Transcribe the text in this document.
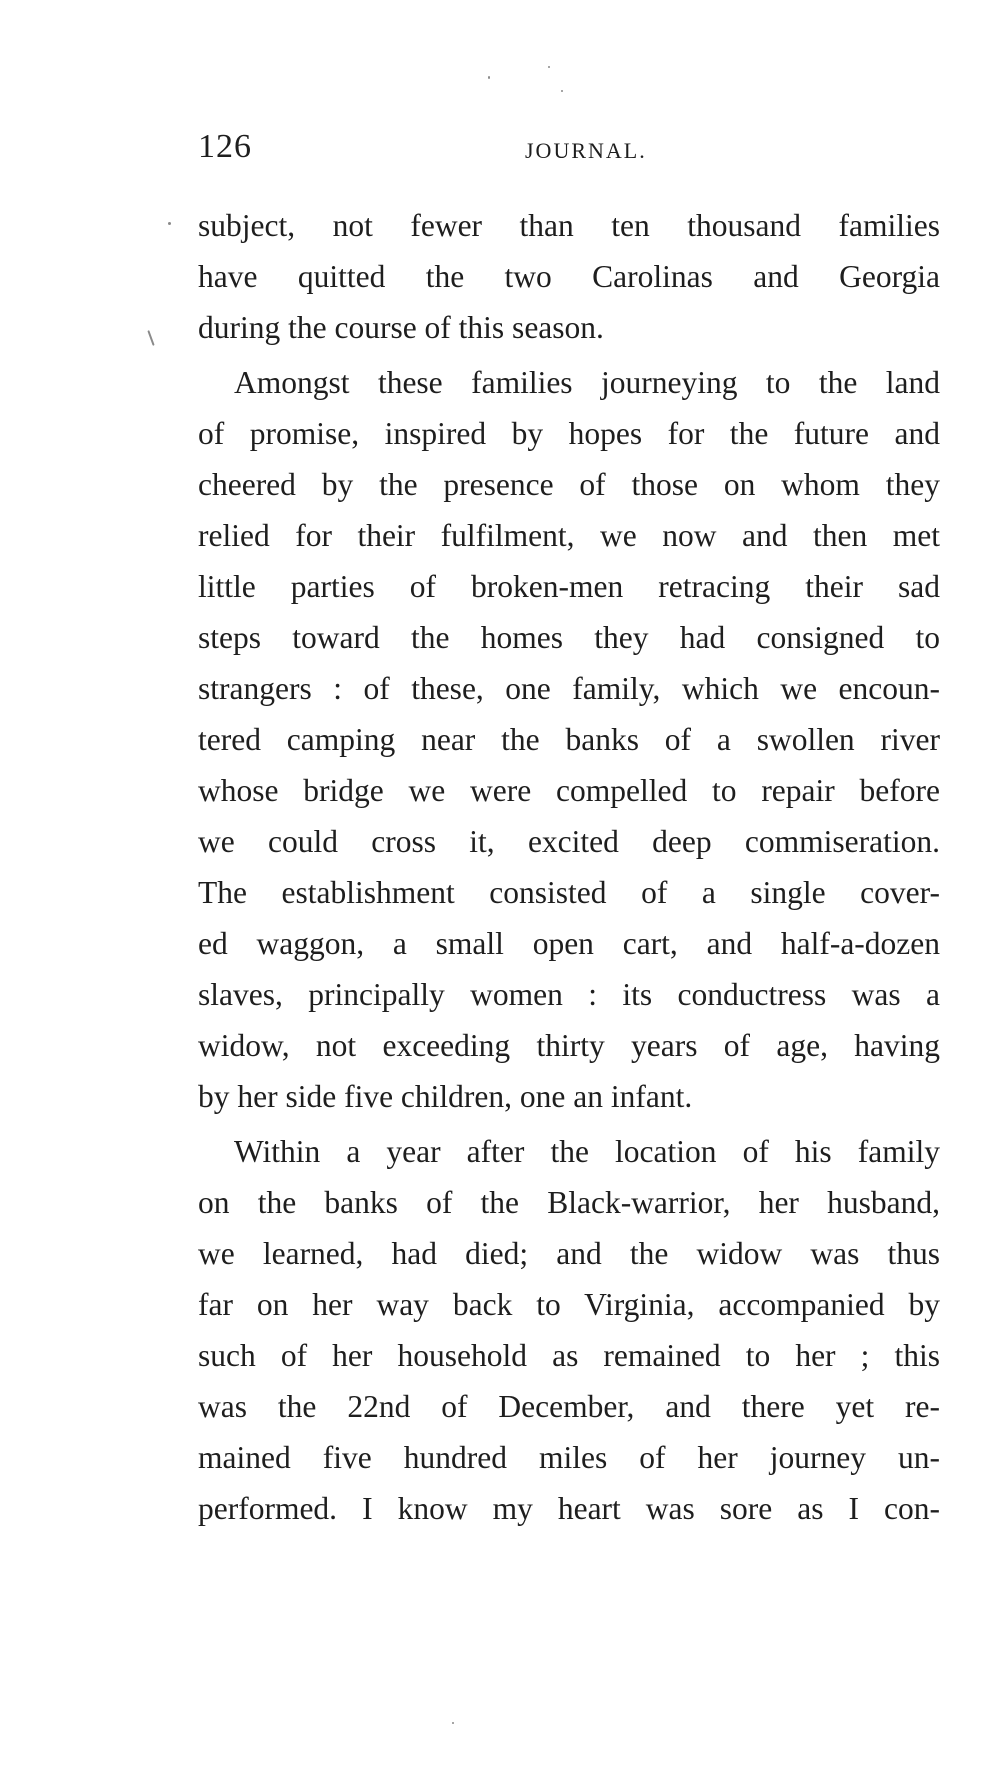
126	JOURNAL.
subject, not fewer than ten thousand families
have quitted the two Carolinas and Georgia
during the course of this season.
Amongst these families journeying to the land
of promise, inspired by hopes for the future and
cheered by the presence of those on whom they
relied for their fulfilment, we now and then met
little parties of broken-men retracing their sad
steps toward the homes they had consigned to
strangers : of these, one family, which we encoun-
tered camping near the banks of a swollen river
whose bridge we were compelled to repair before
we could cross it, excited deep commiseration.
The establishment consisted of a single cover-
ed waggon, a small open cart, and half-a-dozen
slaves, principally women : its conductress was a
widow, not exceeding thirty years of age, having
by her side five children, one an infant.
Within a year after the location of his family
on the banks of the Black-warrior, her husband,
we learned, had died; and the widow was thus
far on her way back to Virginia, accompanied by
such of her household as remained to her ; this
was the 22nd of December, and there yet re-
mained five hundred miles of her journey un-
performed. I know my heart was sore as I con-
